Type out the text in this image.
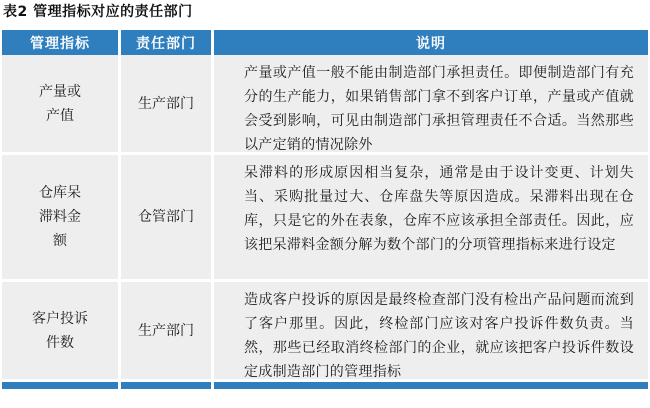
表2 管理指标对应的责任部门
管理指标	责任部门	说明
产量或产值
生产部门
产量或产值一般不能由制造部门承担责任。即便制造部门有充分的生产能力，如果销售部门拿不到客户订单，产量或产值就会受到影响，可见由制造部门承担管理责任不合适。当然那些以产定销的情况除外
仓库呆滞料金额
仓管部门
呆滞料的形成原因相当复杂，通常是由于设计变更、计划失当、采购批量过大、仓库盘失等原因造成。呆滞料出现在仓库，只是它的外在表象，仓库不应该承担全部责任。因此，应该把呆滞料金额分解为数个部门的分项管理指标来进行设定
客户投诉件数
生产部门
造成客户投诉的原因是最终检查部门没有检出产品问题而流到了客户那里。因此，终检部门应该对客户投诉件数负责。当然，那些已经取消终检部门的企业，就应该把客户投诉件数设定成制造部门的管理指标
